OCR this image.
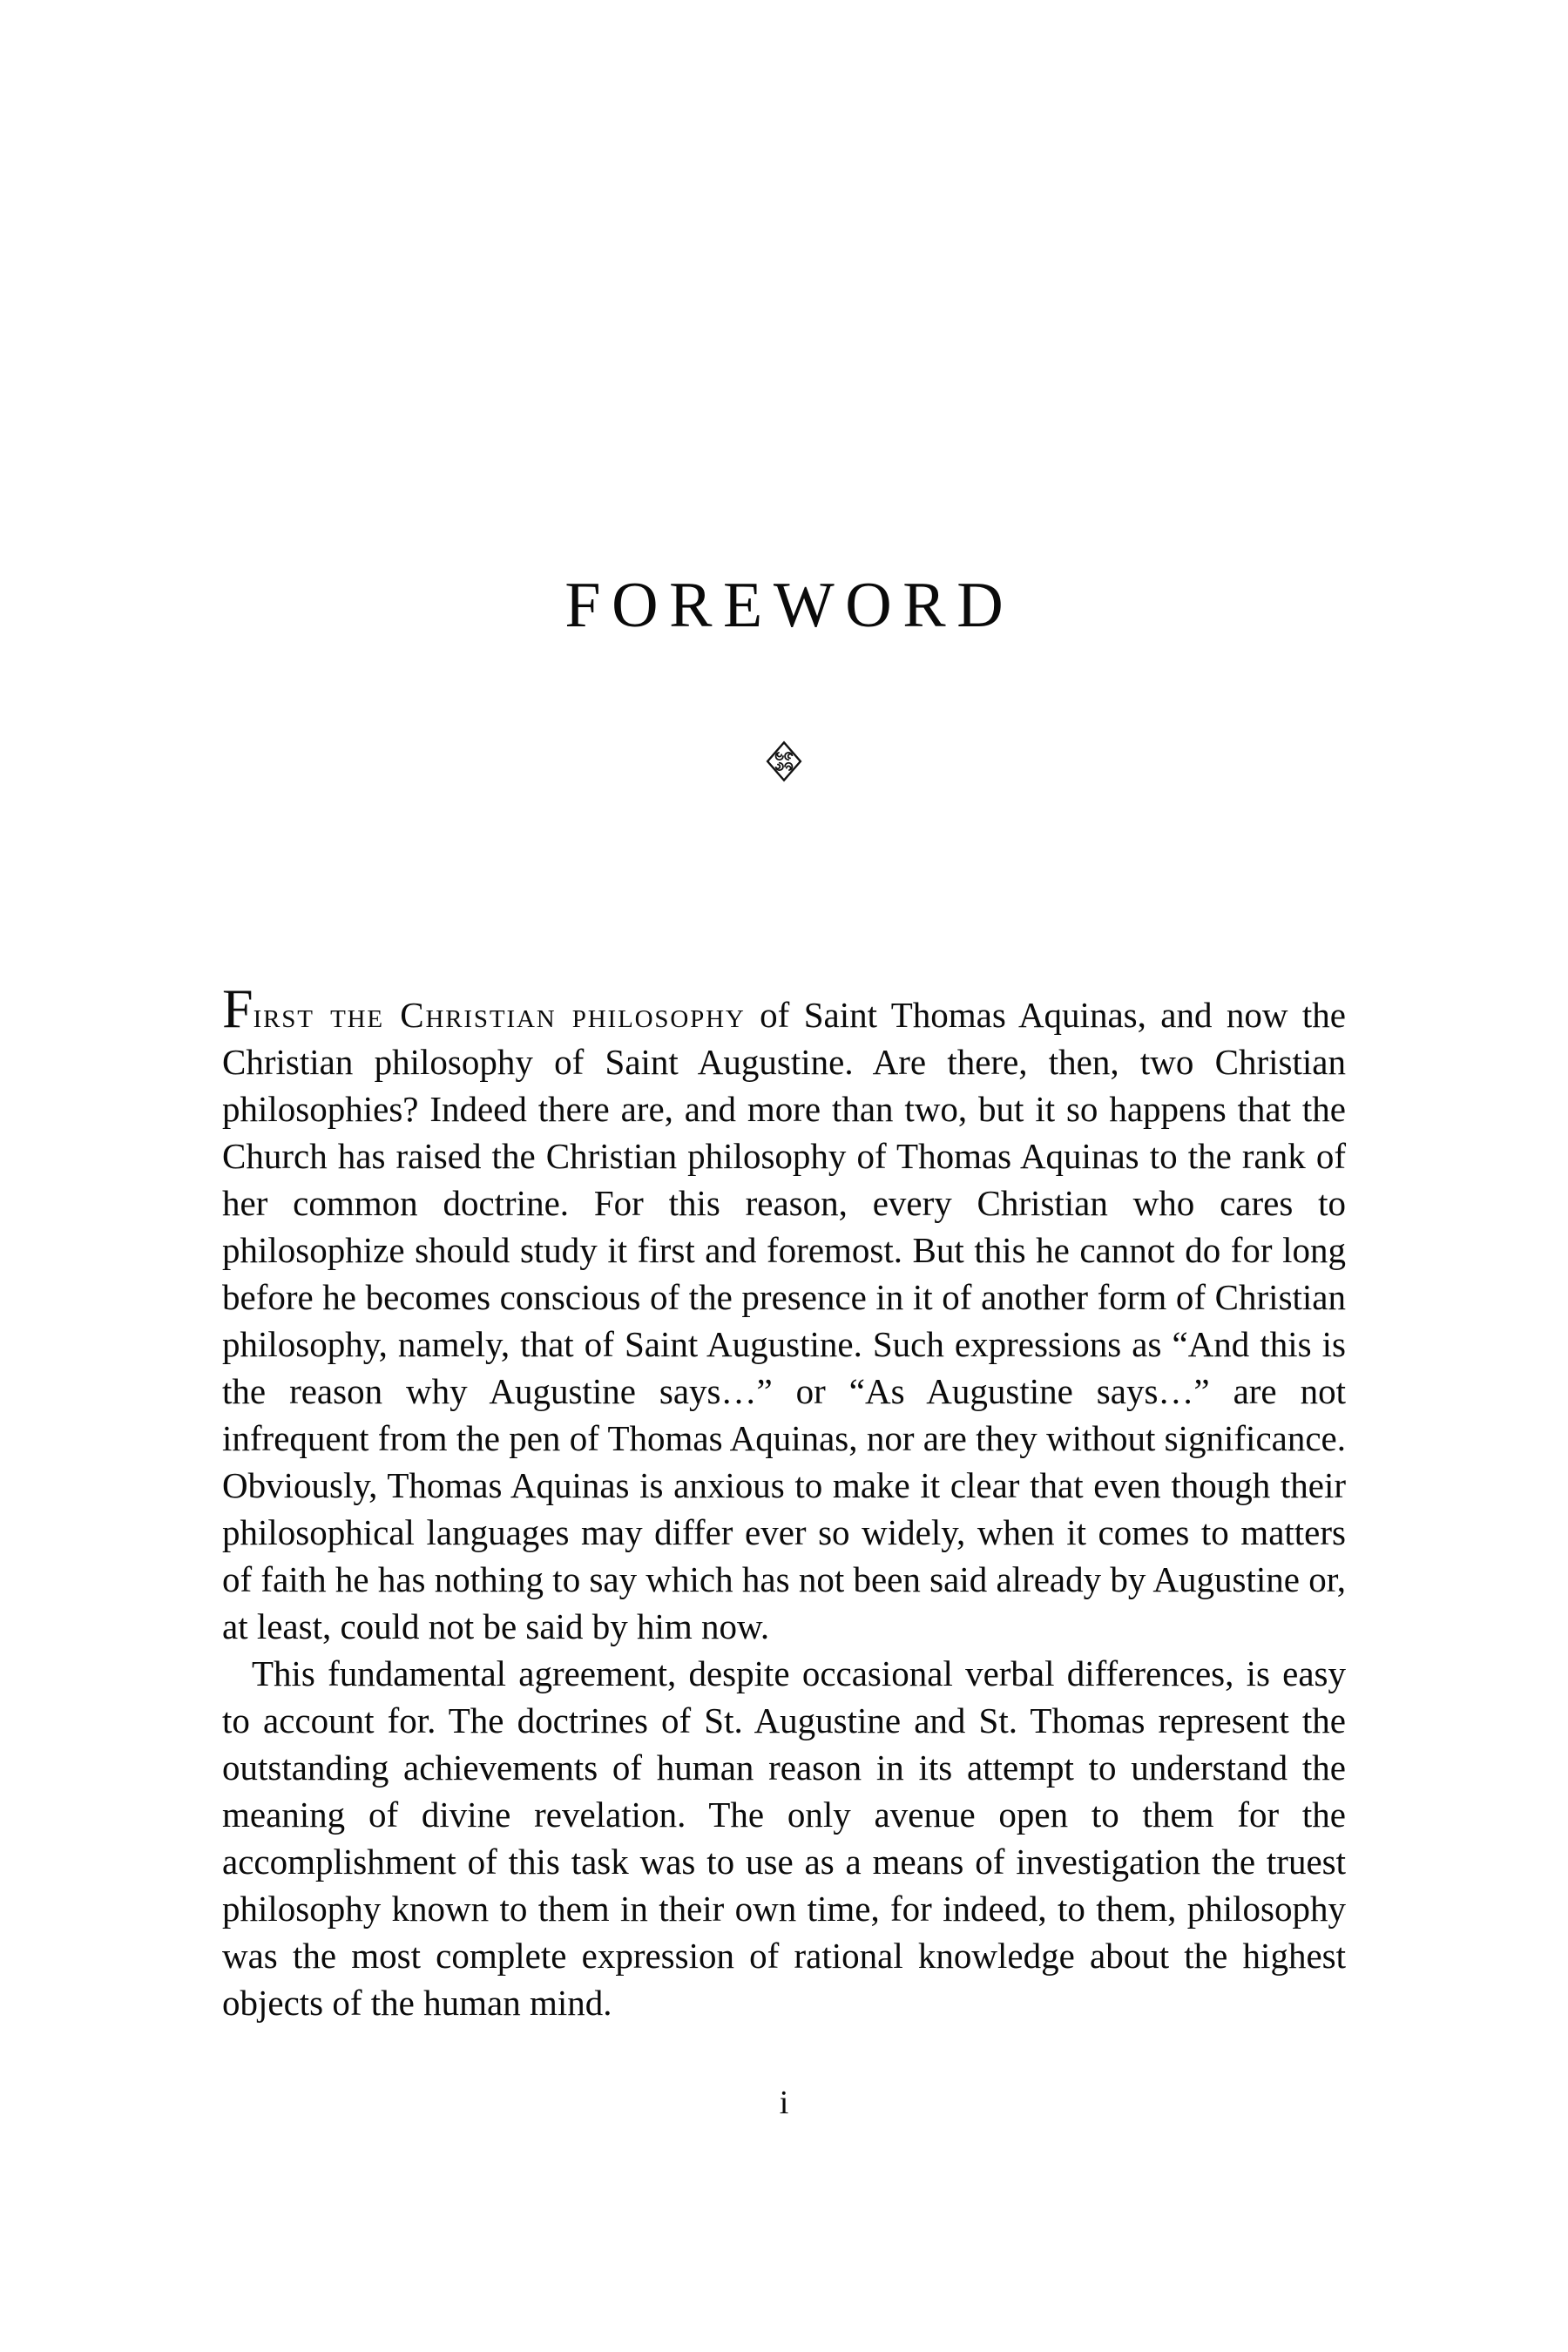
FOREWORD

First the Christian philosophy of Saint Thomas Aquinas, and now the Christian philosophy of Saint Augustine. Are there, then, two Christian philosophies? Indeed there are, and more than two, but it so happens that the Church has raised the Christian philosophy of Thomas Aquinas to the rank of her common doctrine. For this reason, every Christian who cares to philosophize should study it first and foremost. But this he cannot do for long before he becomes conscious of the presence in it of another form of Christian philosophy, namely, that of Saint Augustine. Such expressions as “And this is the reason why Augustine says…” or “As Augustine says…” are not infrequent from the pen of Thomas Aquinas, nor are they without significance. Obviously, Thomas Aquinas is anxious to make it clear that even though their philosophical languages may differ ever so widely, when it comes to matters of faith he has nothing to say which has not been said already by Augustine or, at least, could not be said by him now.

This fundamental agreement, despite occasional verbal differences, is easy to account for. The doctrines of St. Augustine and St. Thomas represent the outstanding achievements of human reason in its attempt to understand the meaning of divine revelation. The only avenue open to them for the accomplishment of this task was to use as a means of investigation the truest philosophy known to them in their own time, for indeed, to them, philosophy was the most complete expression of rational knowledge about the highest objects of the human mind.

i
